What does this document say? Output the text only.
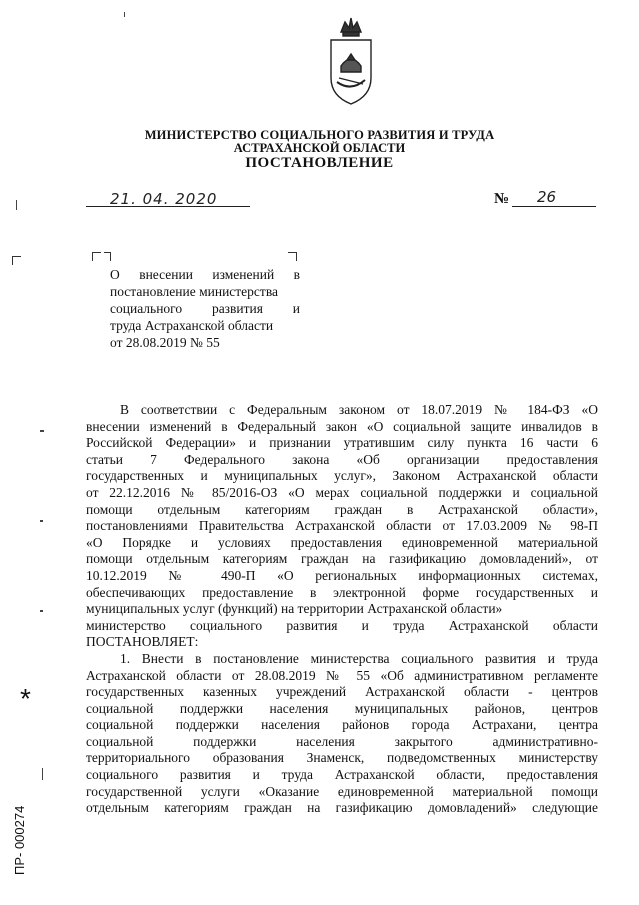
МИНИСТЕРСТВО СОЦИАЛЬНОГО РАЗВИТИЯ И ТРУДА
АСТРАХАНСКОЙ ОБЛАСТИ
ПОСТАНОВЛЕНИЕ
21. 04. 2020	№ 26
О внесении изменений в
постановление министерства
социального развития и
труда Астраханской области
от 28.08.2019 № 55
В соответствии с Федеральным законом от 18.07.2019 № 184-ФЗ «О
внесении изменений в Федеральный закон «О социальной защите инвалидов в
Российской Федерации» и признании утратившим силу пункта 16 части 6
статьи 7 Федерального закона «Об организации предоставления
государственных и муниципальных услуг», Законом Астраханской области
от 22.12.2016 № 85/2016-ОЗ «О мерах социальной поддержки и социальной
помощи отдельным категориям граждан в Астраханской области»,
постановлениями Правительства Астраханской области от 17.03.2009 № 98-П
«О Порядке и условиях предоставления единовременной материальной
помощи отдельным категориям граждан на газификацию домовладений», от
10.12.2019 № 490-П «О региональных информационных системах,
обеспечивающих предоставление в электронной форме государственных и
муниципальных услуг (функций) на территории Астраханской области»
министерство социального развития и труда Астраханской области
ПОСТАНОВЛЯЕТ:
1. Внести в постановление министерства социального развития и труда
Астраханской области от 28.08.2019 № 55 «Об административном регламенте
государственных казенных учреждений Астраханской области - центров
социальной поддержки населения муниципальных районов, центров
социальной поддержки населения районов города Астрахани, центра
социальной поддержки населения закрытого административно-
территориального образования Знаменск, подведомственных министерству
социального развития и труда Астраханской области, предоставления
государственной услуги «Оказание единовременной материальной помощи
отдельным категориям граждан на газификацию домовладений» следующие
*
ПР- 000274
